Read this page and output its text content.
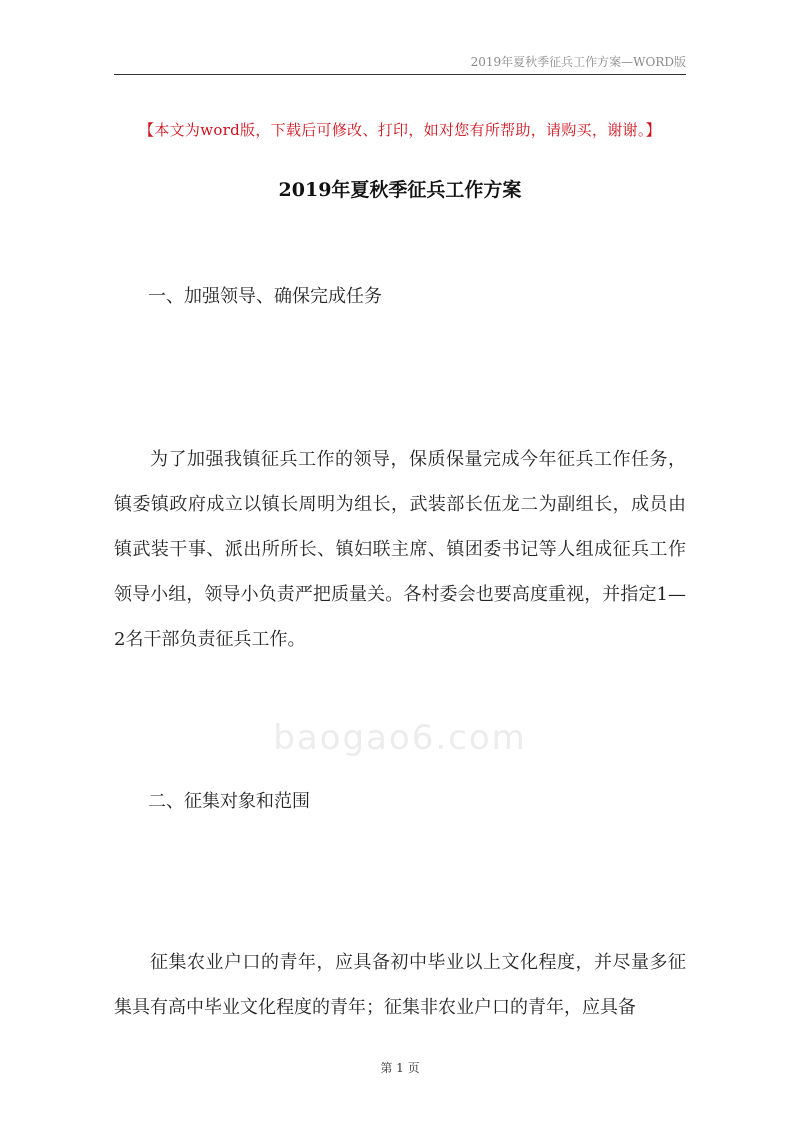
2019年夏秋季征兵工作方案—WORD版
【本文为word版，下载后可修改、打印，如对您有所帮助，请购买，谢谢。】
2019年夏秋季征兵工作方案
一、加强领导、确保完成任务

为了加强我镇征兵工作的领导，保质保量完成今年征兵工作任务，镇委镇政府成立以镇长周明为组长，武装部长伍龙二为副组长，成员由镇武装干事、派出所所长、镇妇联主席、镇团委书记等人组成征兵工作领导小组，领导小负责严把质量关。各村委会也要高度重视，并指定1—2名干部负责征兵工作。

baogao6.com
二、征集对象和范围

征集农业户口的青年，应具备初中毕业以上文化程度，并尽量多征集具有高中毕业文化程度的青年；征集非农业户口的青年，应具备

第 1 页
